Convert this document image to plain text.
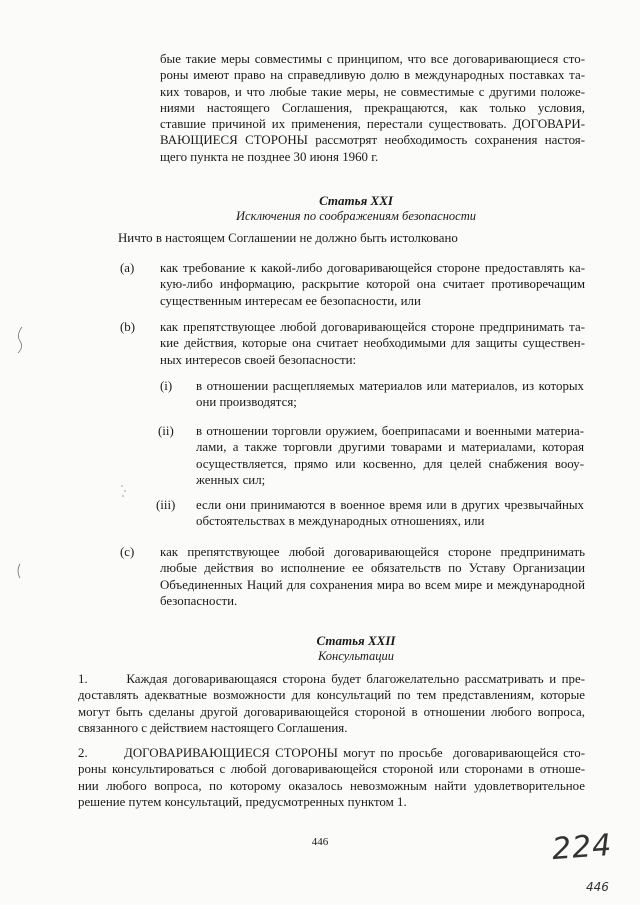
бые такие меры совместимы с принципом, что все договаривающиеся сто-
роны имеют право на справедливую долю в международных поставках та-
ких товаров, и что любые такие меры, не совместимые с другими положе-
ниями настоящего Соглашения, прекращаются, как только условия,
ставшие причиной их применения, перестали существовать. ДОГОВАРИ-
ВАЮЩИЕСЯ СТОРОНЫ рассмотрят необходимость сохранения настоя-
щего пункта не позднее 30 июня 1960 г.
Статья XXI
Исключения по соображениям безопасности
Ничто в настоящем Соглашении не должно быть истолковано
(a) как требование к какой-либо договаривающейся стороне предоставлять ка-
кую-либо информацию, раскрытие которой она считает противоречащим
существенным интересам ее безопасности, или
(b) как препятствующее любой договаривающейся стороне предпринимать та-
кие действия, которые она считает необходимыми для защиты существен-
ных интересов своей безопасности:
(i) в отношении расщепляемых материалов или материалов, из которых
они производятся;
(ii) в отношении торговли оружием, боеприпасами и военными материа-
лами, а также торговли другими товарами и материалами, которая
осуществляется, прямо или косвенно, для целей снабжения вооу-
женных сил;
(iii) если они принимаются в военное время или в других чрезвычайных
обстоятельствах в международных отношениях, или
(c) как препятствующее любой договаривающейся стороне предпринимать
любые действия во исполнение ее обязательств по Уставу Организации
Объединенных Наций для сохранения мира во всем мире и международной
безопасности.
Статья XXII
Консультации
1.       Каждая договаривающаяся сторона будет благожелательно рассматривать и пре-
доставлять адекватные возможности для консультаций по тем представлениям, которые
могут быть сделаны другой договаривающейся стороной в отношении любого вопроса,
связанного с действием настоящего Соглашения.
2.       ДОГОВАРИВАЮЩИЕСЯ СТОРОНЫ могут по просьбе  договаривающейся сто-
роны консультироваться с любой договаривающейся стороной или сторонами в отноше-
нии любого вопроса, по которому оказалось невозможным найти удовлетворительное
решение путем консультаций, предусмотренных пунктом 1.
446	224
446
